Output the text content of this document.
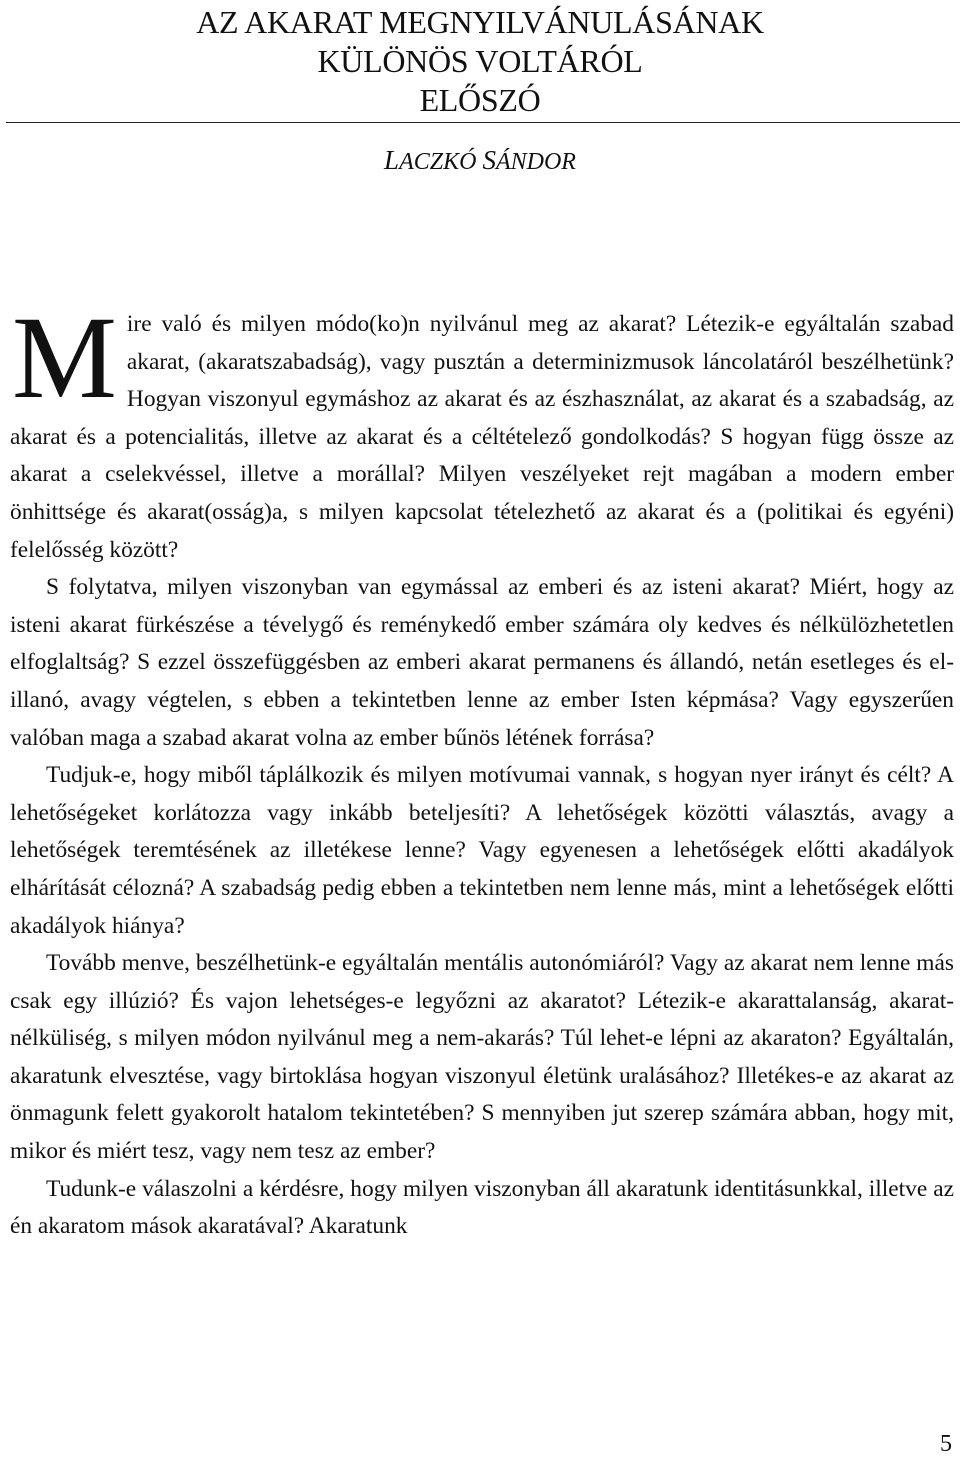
AZ AKARAT MEGNYILVÁNULÁSÁNAK
KÜLÖNÖS VOLTÁRÓL
ELŐSZÓ
LACZKÓ SÁNDOR

Mire való és milyen módo(ko)n nyilvánul meg az akarat? Létezik-e egyáltalán szabad akarat, (akaratszabadság), vagy pusztán a determinizmusok láncolatáról beszélhetünk? Hogyan viszonyul egymáshoz az akarat és az észhasználat, az akarat és a szabadság, az akarat és a potencialitás, illetve az akarat és a céltételező gondolkodás? S hogyan függ össze az akarat a cselekvéssel, illetve a morállal? Milyen veszélyeket rejt magában a modern ember önhittsége és akarat(osság)a, s milyen kapcsolat tételezhető az akarat és a (politikai és egyéni) felelősség között?

S folytatva, milyen viszonyban van egymással az emberi és az isteni akarat? Miért, hogy az isteni akarat fürkészése a tévelygő és reménykedő ember számára oly kedves és nélkülözhetetlen elfoglaltság? S ezzel összefüggésben az emberi akarat permanens és állandó, netán esetleges és elillanó, avagy végtelen, s ebben a tekintetben lenne az ember Isten képmása? Vagy egyszerűen valóban maga a szabad akarat volna az ember bűnös létének forrása?

Tudjuk-e, hogy miből táplálkozik és milyen motívumai vannak, s hogyan nyer irányt és célt? A lehetőségeket korlátozza vagy inkább beteljesíti? A lehetőségek közötti választás, avagy a lehetőségek teremtésének az illetékese lenne? Vagy egyenesen a lehetőségek előtti akadályok elhárítását célozná? A szabadság pedig ebben a tekintetben nem lenne más, mint a lehetőségek előtti akadályok hiánya?

Tovább menve, beszélhetünk-e egyáltalán mentális autonómiáról? Vagy az akarat nem lenne más csak egy illúzió? És vajon lehetséges-e legyőzni az akaratot? Létezik-e akarattalanság, akarat-nélküliség, s milyen módon nyilvánul meg a nem-akarás? Túl lehet-e lépni az akaraton? Egyáltalán, akaratunk elvesztése, vagy birtoklása hogyan viszonyul életünk uralásához? Illetékes-e az akarat az önmagunk felett gyakorolt hatalom tekintetében? S mennyiben jut szerep számára abban, hogy mit, mikor és miért tesz, vagy nem tesz az ember?

Tudunk-e válaszolni a kérdésre, hogy milyen viszonyban áll akaratunk identitásunkkal, illetve az én akaratom mások akaratával? Akaratunk

5
